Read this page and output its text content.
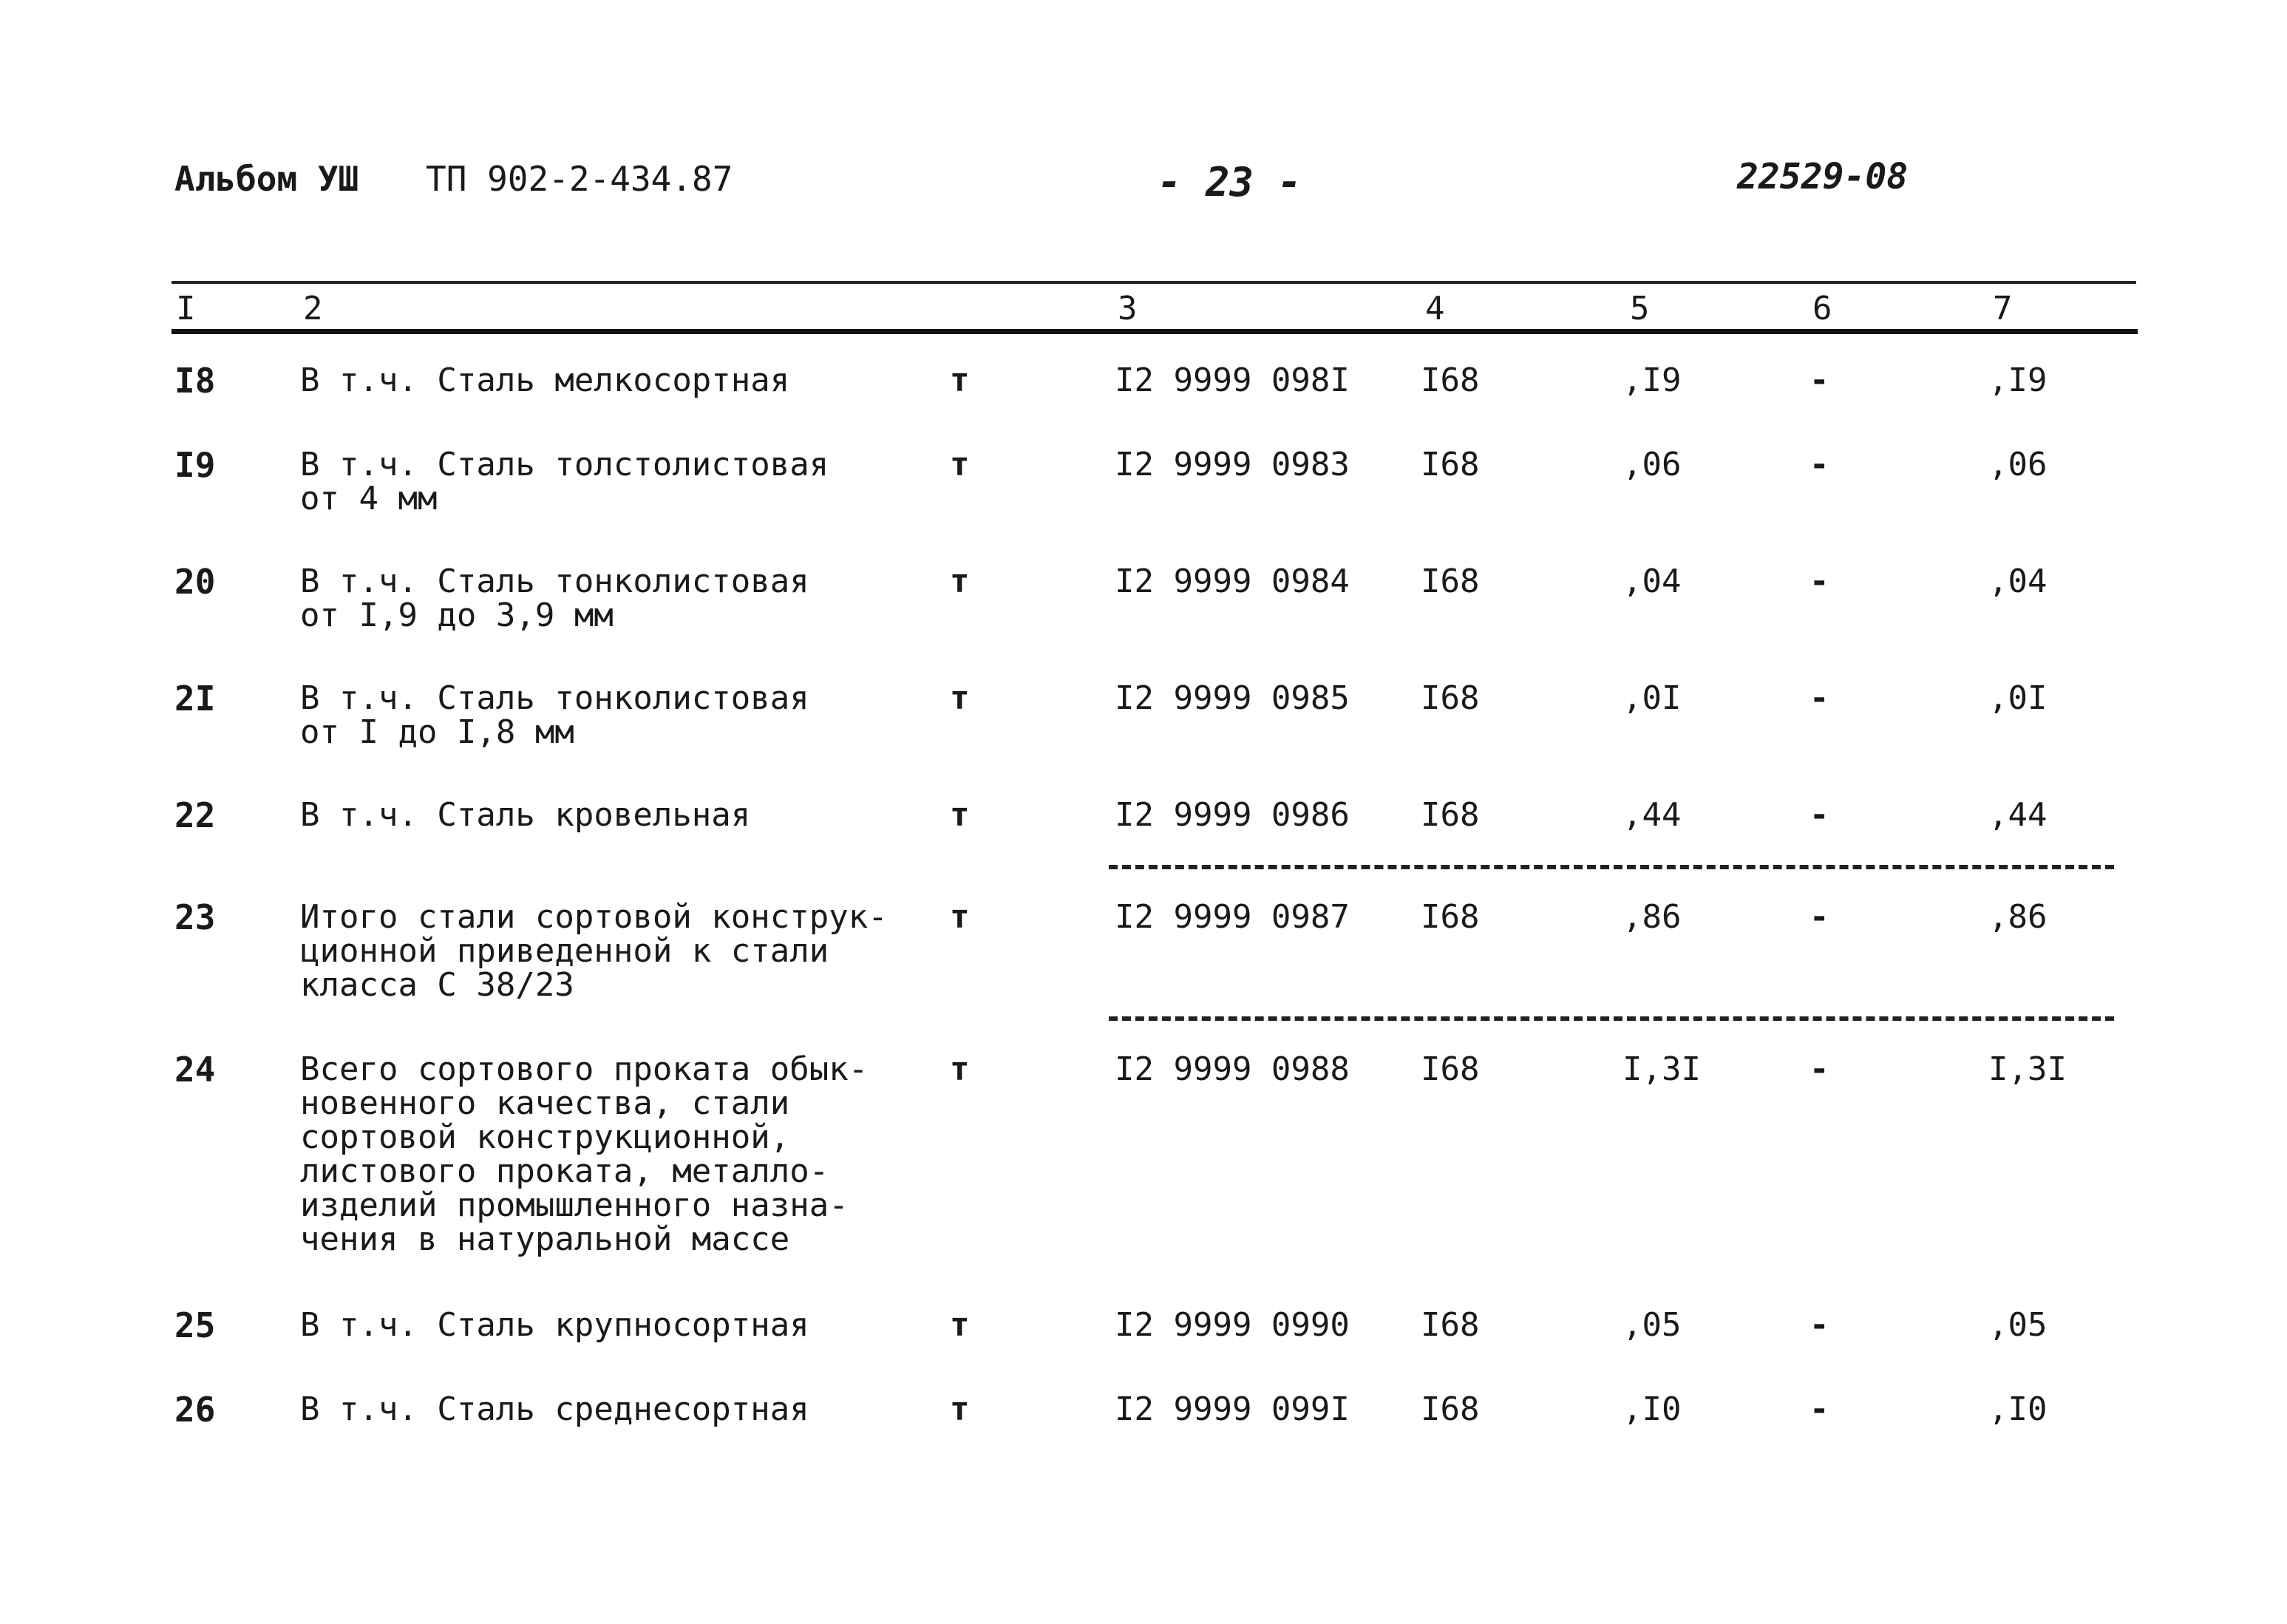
Альбом УШ ТП 902-2-434.87	- 23 -	22529-08
I	2	3	4	5	6	7
I8	В т.ч. Сталь мелкосортная	т	I2 9999 098I I68	,I9	-	,I9
I9	В т.ч. Сталь толстолистовая
от 4 мм
т	I2 9999 0983 I68	,06	-	,06
20	В т.ч. Сталь тонколистовая
от I,9 до 3,9 мм
т	I2 9999 0984 I68	,04	-	,04
2I	В т.ч. Сталь тонколистовая
от I до I,8 мм
т	I2 9999 0985 I68	,0I	-	,0I
22	В т.ч. Сталь кровельная	т	I2 9999 0986 I68	,44	-	,44
23	Итого стали сортовой конструк-
ционной приведенной к стали
класса С 38/23
т	I2 9999 0987 I68	,86	-	,86
24	Всего сортового проката обык-
новенного качества, стали
сортовой конструкционной,
листового проката, металло-
изделий промышленного назна-
чения в натуральной массе
т	I2 9999 0988 I68	I,3I	-	I,3I
25	В т.ч. Сталь крупносортная	т	I2 9999 0990 I68	,05	-	,05
26	В т.ч. Сталь среднесортная	т	I2 9999 099I I68	,I0	-	,I0
